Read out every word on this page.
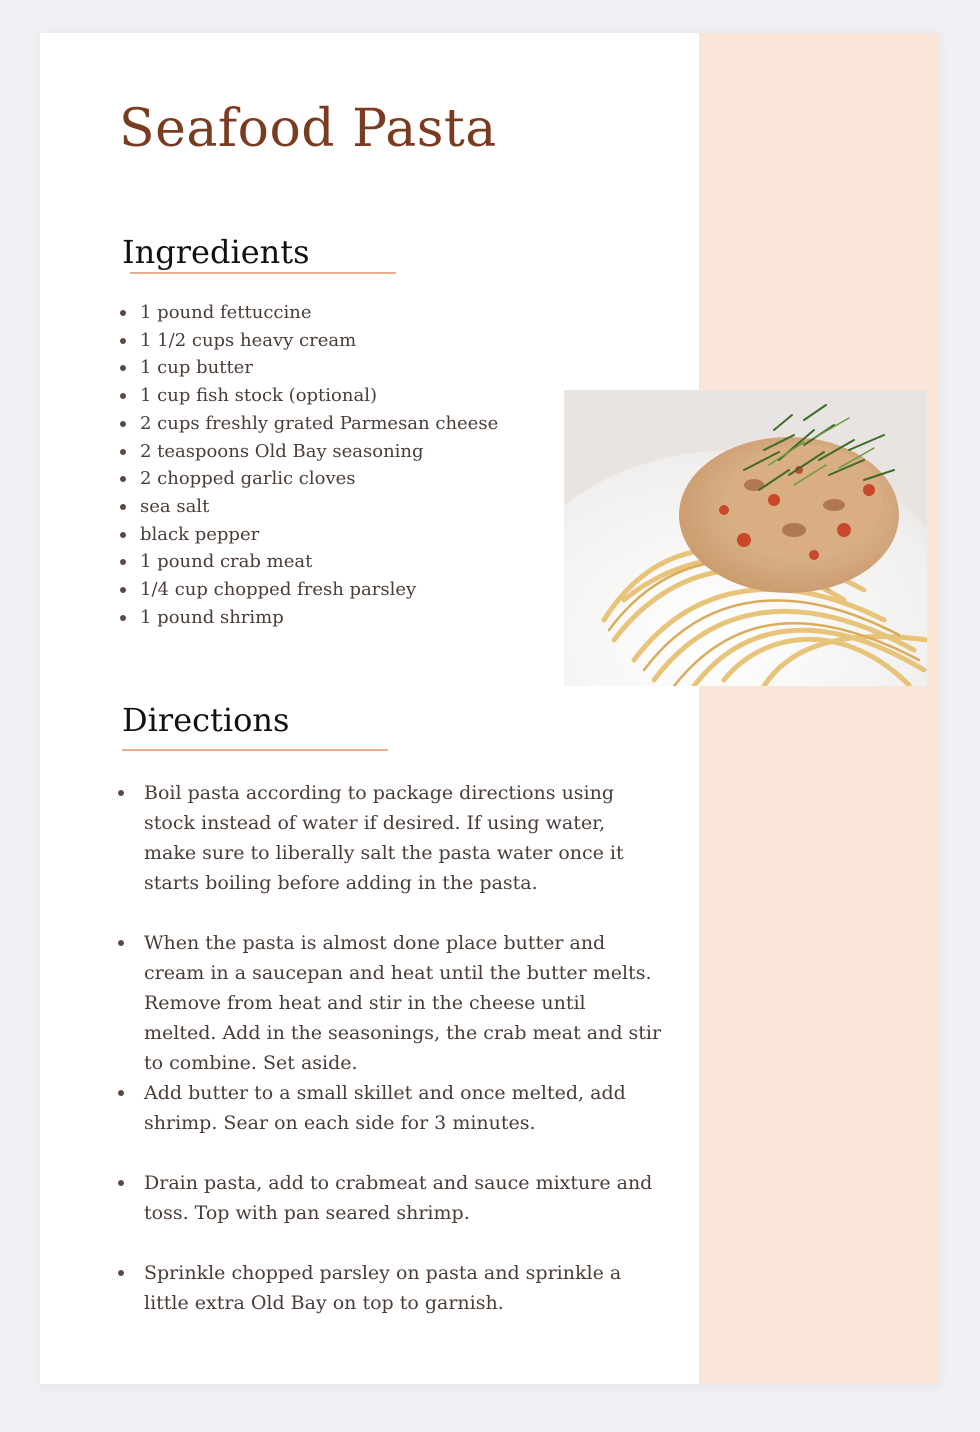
Seafood Pasta
Ingredients
1 pound fettuccine
1 1/2 cups heavy cream
1 cup butter
1 cup fish stock (optional)
2 cups freshly grated Parmesan cheese
2 teaspoons Old Bay seasoning
2 chopped garlic cloves
sea salt
black pepper
1 pound crab meat
1/4 cup chopped fresh parsley
1 pound shrimp
Directions
Boil pasta according to package directions using stock instead of water if desired. If using water, make sure to liberally salt the pasta water once it starts boiling before adding in the pasta.
When the pasta is almost done place butter and cream in a saucepan and heat until the butter melts. Remove from heat and stir in the cheese until melted. Add in the seasonings, the crab meat and stir to combine. Set aside.
Add butter to a small skillet and once melted, add shrimp. Sear on each side for 3 minutes.
Drain pasta, add to crabmeat and sauce mixture and toss. Top with pan seared shrimp.
Sprinkle chopped parsley on pasta and sprinkle a little extra Old Bay on top to garnish.
